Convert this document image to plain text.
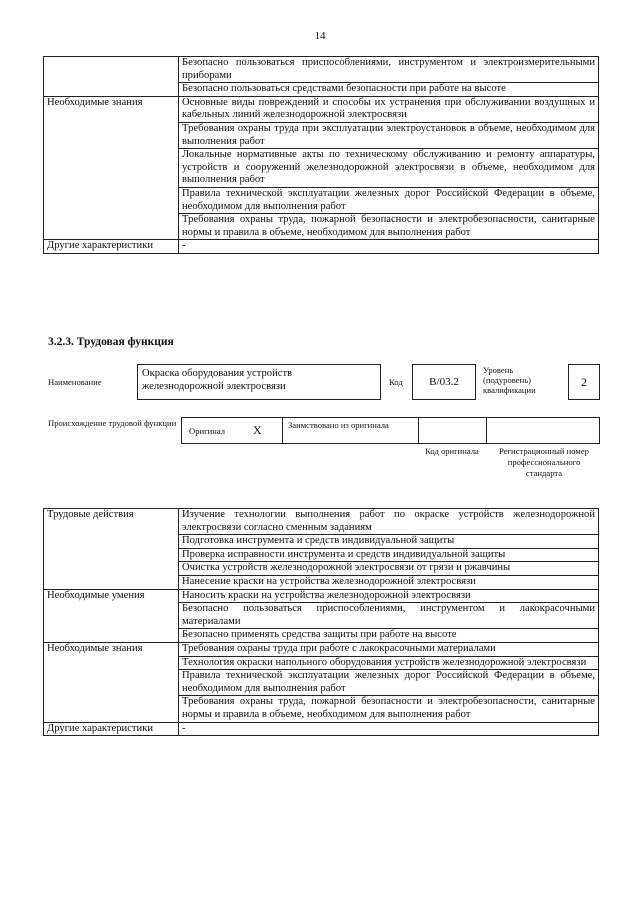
14
	Безопасно пользоваться приспособлениями, инструментом и электроизмерительными приборами
	Безопасно пользоваться средствами безопасности при работе на высоте
Необходимые знания	Основные виды повреждений и способы их устранения при обслуживании воздушных и кабельных линий железнодорожной электросвязи
	Требования охраны труда при эксплуатации электроустановок в объеме, необходимом для выполнения работ
	Локальные нормативные акты по техническому обслуживанию и ремонту аппаратуры, устройств и сооружений железнодорожной электросвязи в объеме, необходимом для выполнения работ
	Правила технической эксплуатации железных дорог Российской Федерации в объеме, необходимом для выполнения работ
	Требования охраны труда, пожарной безопасности и электробезопасности, санитарные нормы и правила в объеме, необходимом для выполнения работ
Другие характеристики	-
3.2.3. Трудовая функция
Наименование
Окраска оборудования устройств железнодорожной электросвязи	Код	В/03.2
Уровень (подуровень) квалификации
2
Происхождение трудовой функции
Оригинал X	Заимствовано из оригинала
Код оригинала	Регистрационный номер профессионального стандарта
Трудовые действия	Изучение технологии выполнения работ по окраске устройств железнодорожной электросвязи согласно сменным заданиям
	Подготовка инструмента и средств индивидуальной защиты
	Проверка исправности инструмента и средств индивидуальной защиты
	Очистка устройств железнодорожной электросвязи от грязи и ржавчины
	Нанесение краски на устройства железнодорожной электросвязи
Необходимые умения	Наносить краски на устройства железнодорожной электросвязи
	Безопасно пользоваться приспособлениями, инструментом и лакокрасочными материалами
	Безопасно применять средства защиты при работе на высоте
Необходимые знания	Требования охраны труда при работе с лакокрасочными материалами
	Технология окраски напольного оборудования устройств железнодорожной электросвязи
	Правила технической эксплуатации железных дорог Российской Федерации в объеме, необходимом для выполнения работ
	Требования охраны труда, пожарной безопасности и электробезопасности, санитарные нормы и правила в объеме, необходимом для выполнения работ
Другие характеристики	-
